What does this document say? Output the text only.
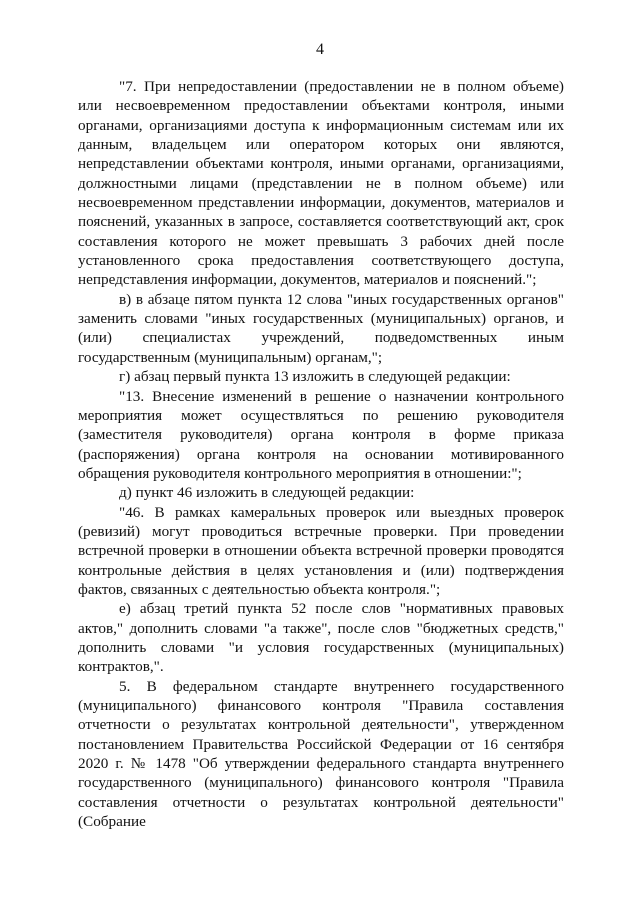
4

"7. При непредоставлении (предоставлении не в полном объеме) или несвоевременном предоставлении объектами контроля, иными органами, организациями доступа к информационным системам или их данным, владельцем или оператором которых они являются, непредставлении объектами контроля, иными органами, организациями, должностными лицами (представлении не в полном объеме) или несвоевременном представлении информации, документов, материалов и пояснений, указанных в запросе, составляется соответствующий акт, срок составления которого не может превышать 3 рабочих дней после установленного срока предоставления соответствующего доступа, непредставления информации, документов, материалов и пояснений.";

в) в абзаце пятом пункта 12 слова "иных государственных органов" заменить словами "иных государственных (муниципальных) органов, и (или) специалистах учреждений, подведомственных иным государственным (муниципальным) органам,";

г) абзац первый пункта 13 изложить в следующей редакции:

"13. Внесение изменений в решение о назначении контрольного мероприятия может осуществляться по решению руководителя (заместителя руководителя) органа контроля в форме приказа (распоряжения) органа контроля на основании мотивированного обращения руководителя контрольного мероприятия в отношении:";

д) пункт 46 изложить в следующей редакции:

"46. В рамках камеральных проверок или выездных проверок (ревизий) могут проводиться встречные проверки. При проведении встречной проверки в отношении объекта встречной проверки проводятся контрольные действия в целях установления и (или) подтверждения фактов, связанных с деятельностью объекта контроля.";

е) абзац третий пункта 52 после слов "нормативных правовых актов," дополнить словами "а также", после слов "бюджетных средств," дополнить словами "и условия государственных (муниципальных) контрактов,".

5. В федеральном стандарте внутреннего государственного (муниципального) финансового контроля "Правила составления отчетности о результатах контрольной деятельности", утвержденном постановлением Правительства Российской Федерации от 16 сентября 2020 г. № 1478 "Об утверждении федерального стандарта внутреннего государственного (муниципального) финансового контроля "Правила составления отчетности о результатах контрольной деятельности" (Собрание
